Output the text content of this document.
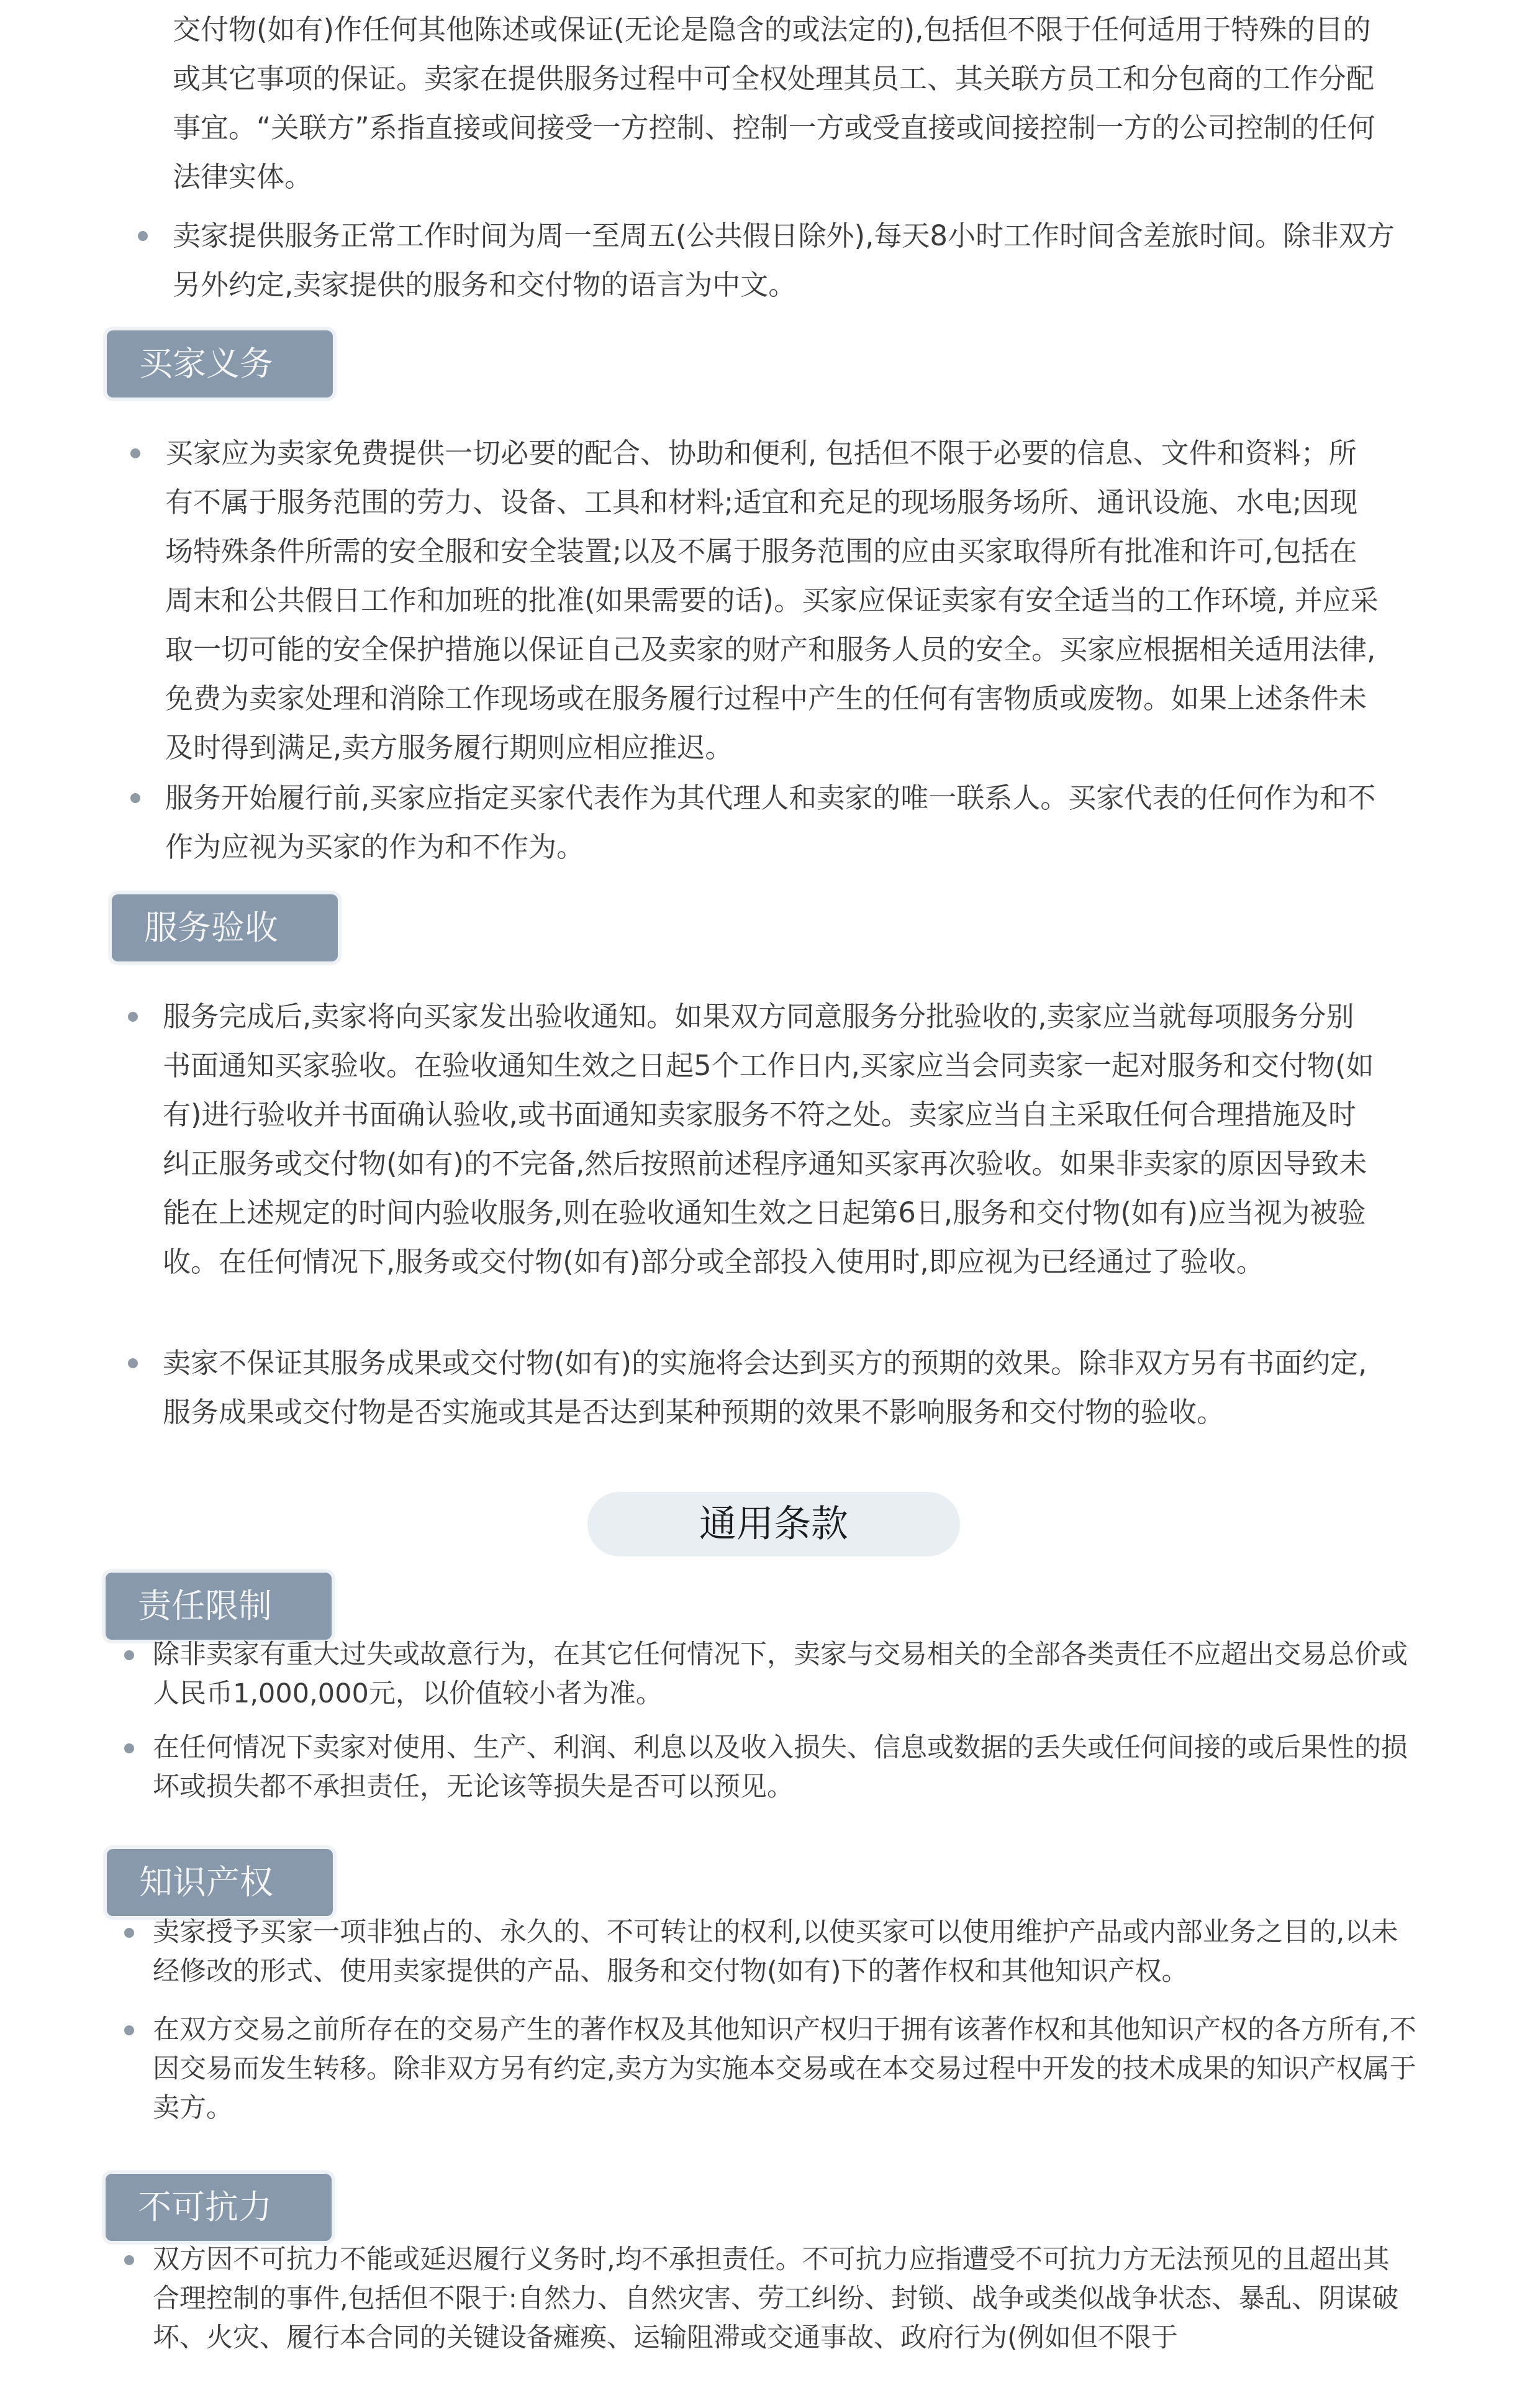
交付物(如有)作任何其他陈述或保证(无论是隐含的或法定的),包括但不限于任何适用于特殊的目的或其它事项的保证。卖家在提供服务过程中可全权处理其员工、其关联方员工和分包商的工作分配事宜。“关联方”系指直接或间接受一方控制、控制一方或受直接或间接控制一方的公司控制的任何法律实体。

卖家提供服务正常工作时间为周一至周五(公共假日除外),每天8小时工作时间含差旅时间。除非双方另外约定,卖家提供的服务和交付物的语言为中文。
买家义务
买家应为卖家免费提供一切必要的配合、协助和便利, 包括但不限于必要的信息、文件和资料；所有不属于服务范围的劳力、设备、工具和材料;适宜和充足的现场服务场所、通讯设施、水电;因现场特殊条件所需的安全服和安全装置;以及不属于服务范围的应由买家取得所有批准和许可,包括在周末和公共假日工作和加班的批准(如果需要的话)。买家应保证卖家有安全适当的工作环境, 并应采取一切可能的安全保护措施以保证自己及卖家的财产和服务人员的安全。买家应根据相关适用法律,免费为卖家处理和消除工作现场或在服务履行过程中产生的任何有害物质或废物。如果上述条件未及时得到满足,卖方服务履行期则应相应推迟。
服务开始履行前,买家应指定买家代表作为其代理人和卖家的唯一联系人。买家代表的任何作为和不作为应视为买家的作为和不作为。
服务验收
服务完成后,卖家将向买家发出验收通知。如果双方同意服务分批验收的,卖家应当就每项服务分别书面通知买家验收。在验收通知生效之日起5个工作日内,买家应当会同卖家一起对服务和交付物(如有)进行验收并书面确认验收,或书面通知卖家服务不符之处。卖家应当自主采取任何合理措施及时纠正服务或交付物(如有)的不完备,然后按照前述程序通知买家再次验收。如果非卖家的原因导致未能在上述规定的时间内验收服务,则在验收通知生效之日起第6日,服务和交付物(如有)应当视为被验收。在任何情况下,服务或交付物(如有)部分或全部投入使用时,即应视为已经通过了验收。
卖家不保证其服务成果或交付物(如有)的实施将会达到买方的预期的效果。除非双方另有书面约定,服务成果或交付物是否实施或其是否达到某种预期的效果不影响服务和交付物的验收。
通用条款
责任限制
除非卖家有重大过失或故意行为，在其它任何情况下，卖家与交易相关的全部各类责任不应超出交易总价或人民币1,000,000元，以价值较小者为准。
在任何情况下卖家对使用、生产、利润、利息以及收入损失、信息或数据的丢失或任何间接的或后果性的损坏或损失都不承担责任，无论该等损失是否可以预见。
知识产权
卖家授予买家一项非独占的、永久的、不可转让的权利,以使买家可以使用维护产品或内部业务之目的,以未经修改的形式、使用卖家提供的产品、服务和交付物(如有)下的著作权和其他知识产权。
在双方交易之前所存在的交易产生的著作权及其他知识产权归于拥有该著作权和其他知识产权的各方所有,不因交易而发生转移。除非双方另有约定,卖方为实施本交易或在本交易过程中开发的技术成果的知识产权属于卖方。
不可抗力
双方因不可抗力不能或延迟履行义务时,均不承担责任。不可抗力应指遭受不可抗力方无法预见的且超出其合理控制的事件,包括但不限于:自然力、自然灾害、劳工纠纷、封锁、战争或类似战争状态、暴乱、阴谋破坏、火灾、履行本合同的关键设备瘫痪、运输阻滞或交通事故、政府行为(例如但不限于
